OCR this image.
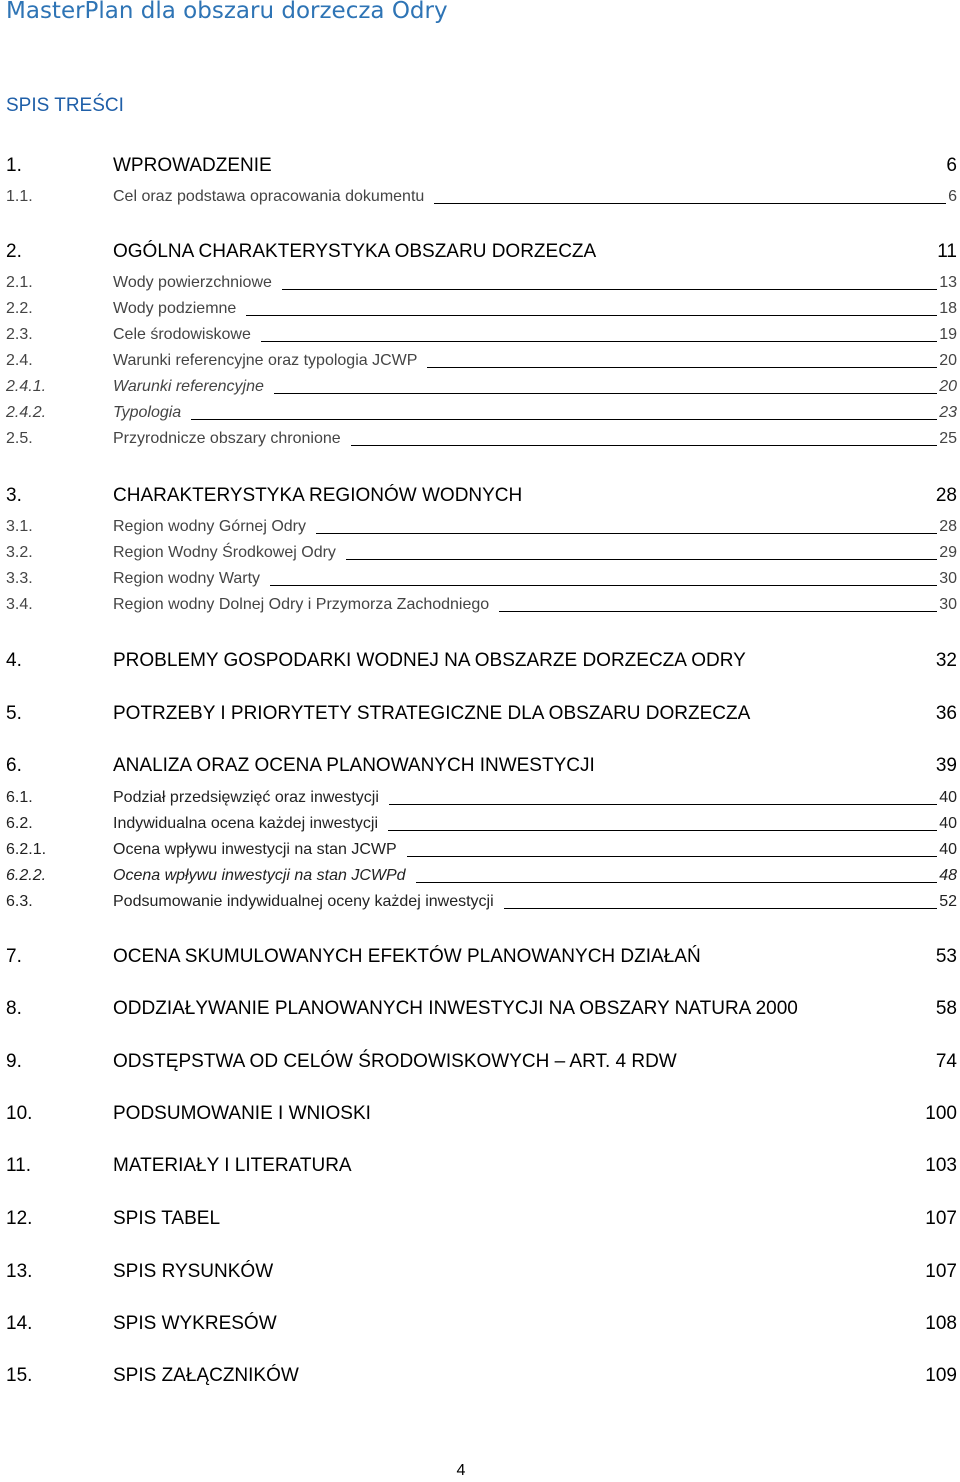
MasterPlan dla obszaru dorzecza Odry
SPIS TREŚCI
1.	WPROWADZENIE	6
1.1.	Cel oraz podstawa opracowania dokumentu	6
2.	OGÓLNA CHARAKTERYSTYKA OBSZARU DORZECZA	11
2.1.	Wody powierzchniowe	13
2.2.	Wody podziemne	18
2.3.	Cele środowiskowe	19
2.4.	Warunki referencyjne oraz typologia JCWP	20
2.4.1.	Warunki referencyjne	20
2.4.2.	Typologia	23
2.5.	Przyrodnicze obszary chronione	25
3.	CHARAKTERYSTYKA REGIONÓW WODNYCH	28
3.1.	Region wodny Górnej Odry	28
3.2.	Region Wodny Środkowej Odry	29
3.3.	Region wodny Warty	30
3.4.	Region wodny Dolnej Odry i Przymorza Zachodniego	30
4.	PROBLEMY GOSPODARKI WODNEJ NA OBSZARZE DORZECZA ODRY	32
5.	POTRZEBY I PRIORYTETY STRATEGICZNE DLA OBSZARU DORZECZA	36
6.	ANALIZA ORAZ OCENA PLANOWANYCH INWESTYCJI	39
6.1.	Podział przedsięwzięć oraz inwestycji	40
6.2.	Indywidualna ocena każdej inwestycji	40
6.2.1.	Ocena wpływu inwestycji na stan JCWP	40
6.2.2.	Ocena wpływu inwestycji na stan JCWPd	48
6.3.	Podsumowanie indywidualnej oceny każdej inwestycji	52
7.	OCENA SKUMULOWANYCH EFEKTÓW PLANOWANYCH DZIAŁAŃ	53
8.	ODDZIAŁYWANIE PLANOWANYCH INWESTYCJI NA OBSZARY NATURA 2000	58
9.	ODSTĘPSTWA OD CELÓW ŚRODOWISKOWYCH – ART. 4 RDW	74
10.	PODSUMOWANIE I WNIOSKI	100
11.	MATERIAŁY I LITERATURA	103
12.	SPIS TABEL	107
13.	SPIS RYSUNKÓW	107
14.	SPIS WYKRESÓW	108
15.	SPIS ZAŁĄCZNIKÓW	109
4
